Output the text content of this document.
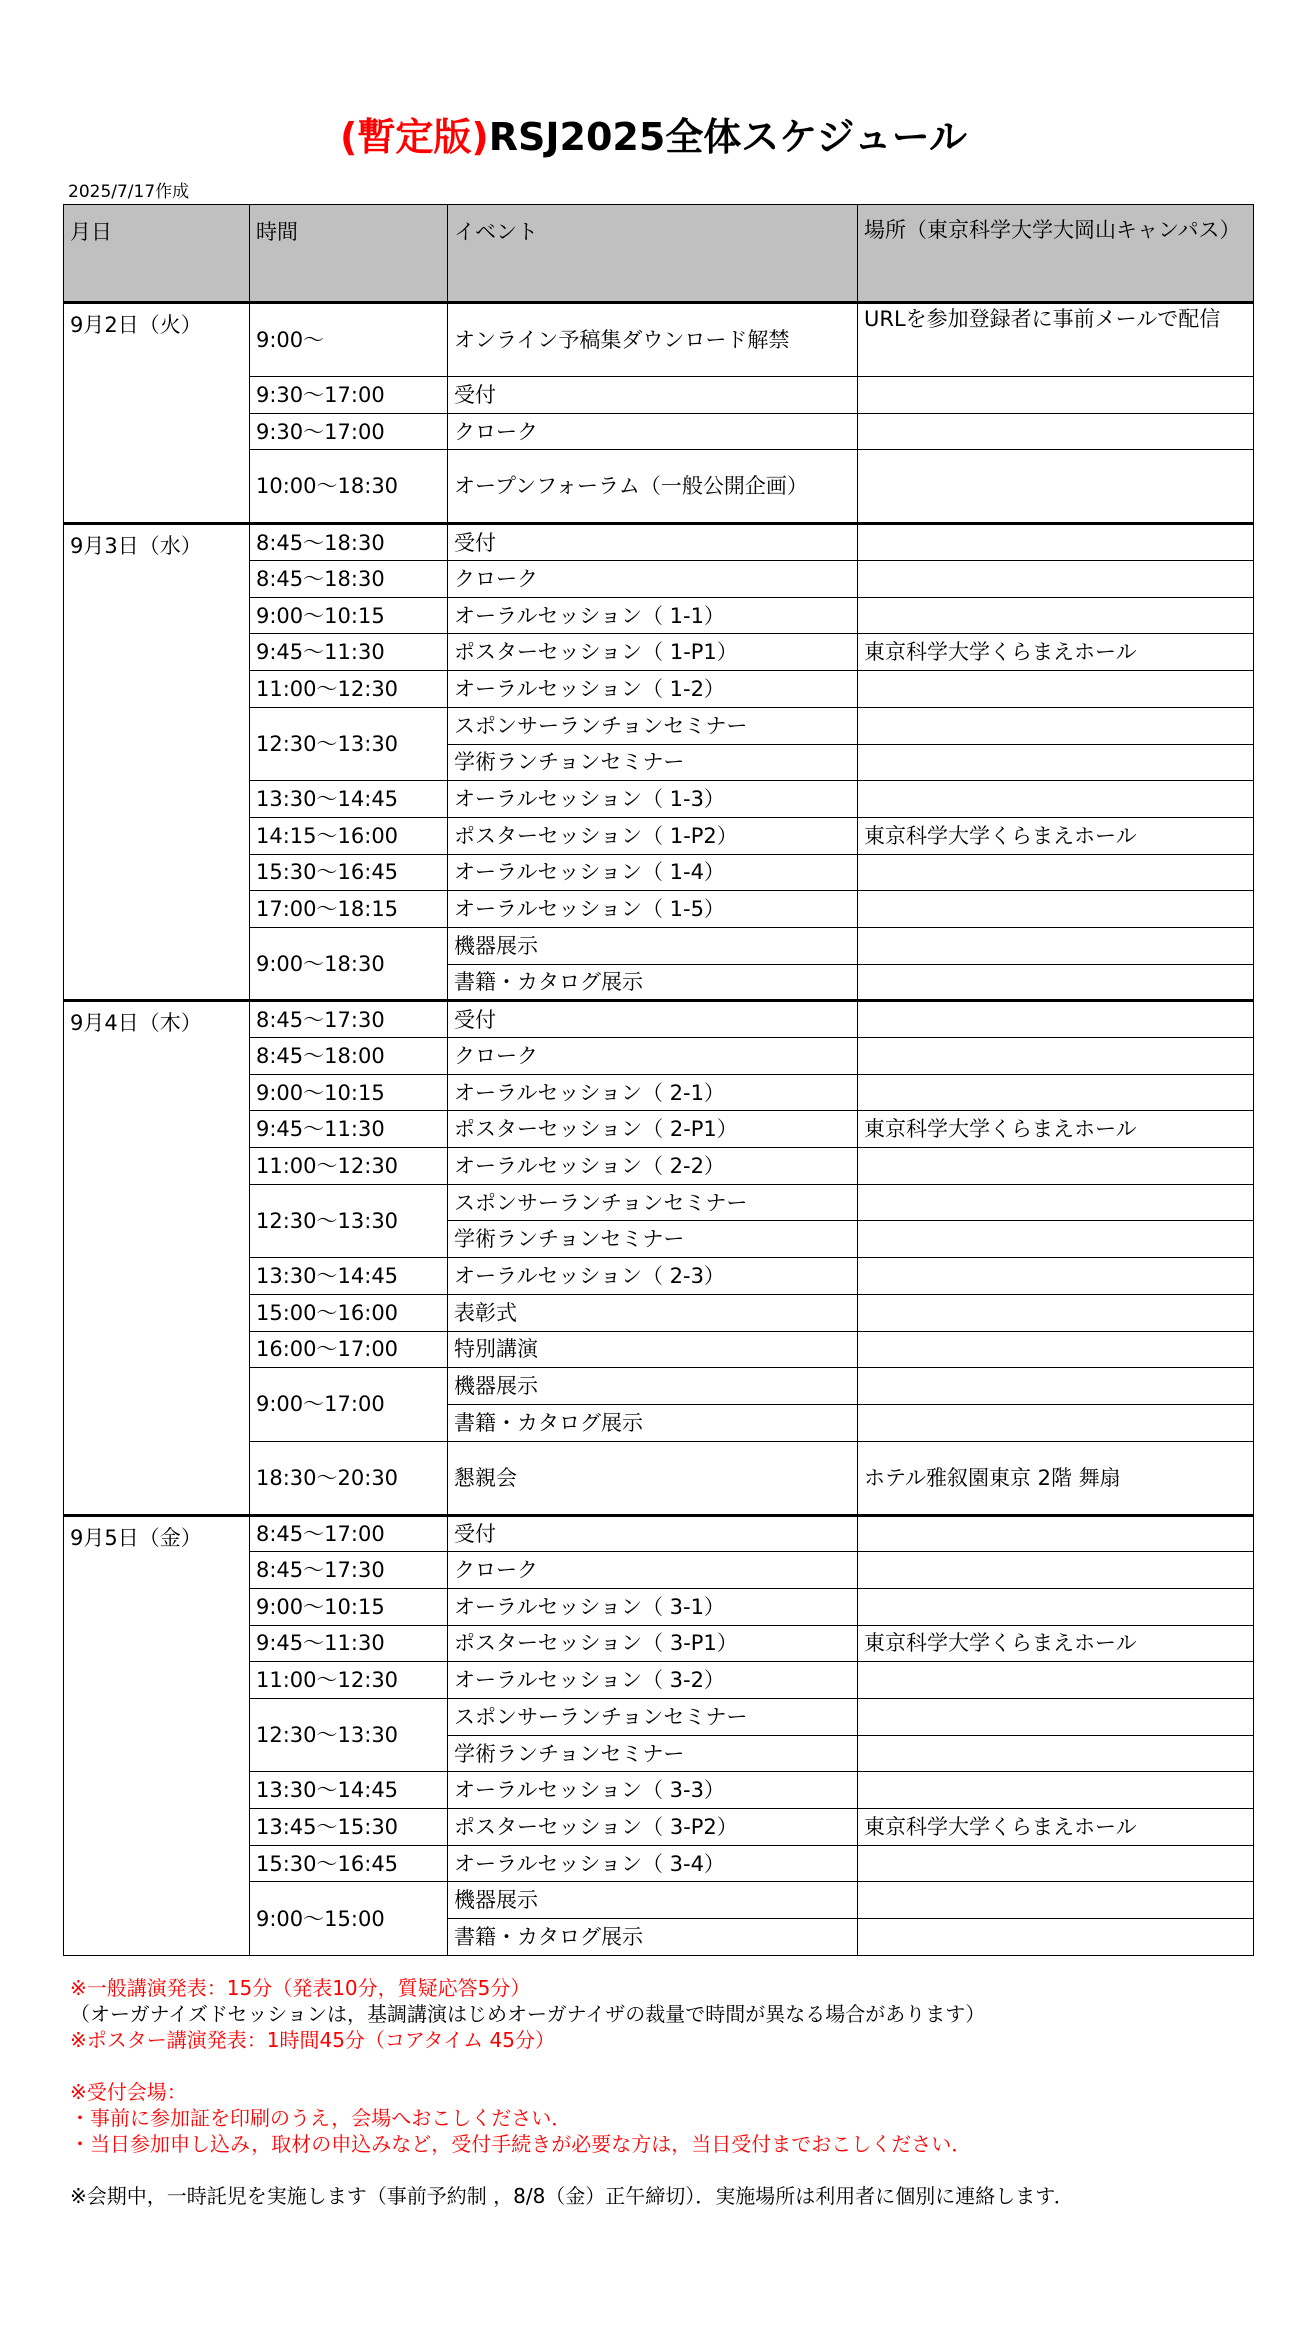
(暫定版)RSJ2025全体スケジュール
2025/7/17作成
月日	時間	イベント	場所（東京科学大学大岡山キャンパス）
9月2日（火）	9:00〜	オンライン予稿集ダウンロード解禁	URLを参加登録者に事前メールで配信
	9:30〜17:00	受付	
	9:30〜17:00	クローク	
	10:00〜18:30	オープンフォーラム（一般公開企画）	
9月3日（水）	8:45〜18:30	受付	
	8:45〜18:30	クローク	
	9:00〜10:15	オーラルセッション（ 1-1）	
	9:45〜11:30	ポスターセッション（ 1-P1）	東京科学大学くらまえホール
	11:00〜12:30	オーラルセッション（ 1-2）	
	12:30〜13:30	スポンサーランチョンセミナー	
		学術ランチョンセミナー	
	13:30〜14:45	オーラルセッション（ 1-3）	
	14:15〜16:00	ポスターセッション（ 1-P2）	東京科学大学くらまえホール
	15:30〜16:45	オーラルセッション（ 1-4）	
	17:00〜18:15	オーラルセッション（ 1-5）	
	9:00〜18:30	機器展示	
		書籍・カタログ展示	
9月4日（木）	8:45〜17:30	受付	
	8:45〜18:00	クローク	
	9:00〜10:15	オーラルセッション（ 2-1）	
	9:45〜11:30	ポスターセッション（ 2-P1）	東京科学大学くらまえホール
	11:00〜12:30	オーラルセッション（ 2-2）	
	12:30〜13:30	スポンサーランチョンセミナー	
		学術ランチョンセミナー	
	13:30〜14:45	オーラルセッション（ 2-3）	
	15:00〜16:00	表彰式	
	16:00〜17:00	特別講演	
	9:00〜17:00	機器展示	
		書籍・カタログ展示	
	18:30〜20:30	懇親会	ホテル雅叙園東京 2階 舞扇
9月5日（金）	8:45〜17:00	受付	
	8:45〜17:30	クローク	
	9:00〜10:15	オーラルセッション（ 3-1）	
	9:45〜11:30	ポスターセッション（ 3-P1）	東京科学大学くらまえホール
	11:00〜12:30	オーラルセッション（ 3-2）	
	12:30〜13:30	スポンサーランチョンセミナー	
		学術ランチョンセミナー	
	13:30〜14:45	オーラルセッション（ 3-3）	
	13:45〜15:30	ポスターセッション（ 3-P2）	東京科学大学くらまえホール
	15:30〜16:45	オーラルセッション（ 3-4）	
	9:00〜15:00	機器展示	
		書籍・カタログ展示	
※一般講演発表：15分（発表10分，質疑応答5分）
（オーガナイズドセッションは，基調講演はじめオーガナイザの裁量で時間が異なる場合があります）
※ポスター講演発表：1時間45分（コアタイム 45分）
※受付会場：
・事前に参加証を印刷のうえ，会場へおこしください．
・当日参加申し込み，取材の申込みなど，受付手続きが必要な方は，当日受付までおこしください．
※会期中，一時託児を実施します（事前予約制 ，8/8（金）正午締切）．実施場所は利用者に個別に連絡します．
